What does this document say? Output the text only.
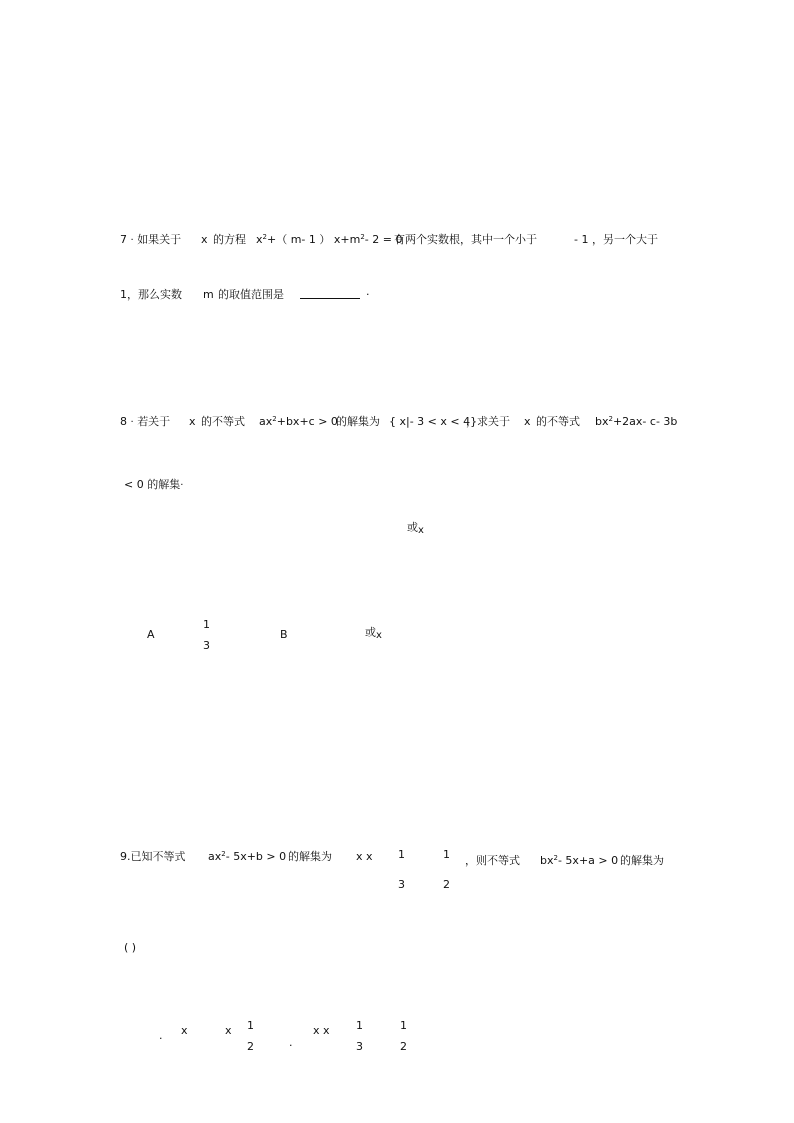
7 · 如果关于 x 的方程 $x^2+$（ m- 1 ） $x+m^2-$ 2 = 0
有两个实数根，其中一个小于	- 1 ，另一个大于
1，那么实数 m 的取值范围是	·
8 · 若关于 x 的不等式 $ax^2+bx+c > 0$
的解集为 { x|- 3 < x < 4}
，求关于 x 的不等式 $bx^2+2ax-$ c- 3b
< 0 的解集·
或x
A
1
3
B	或x
9.已知不等式 $ax^2-$ 5x+b > 0 的解集为 x x 1
3
1
2
，则不等式 $bx^2-$ 5x+a > 0 的解集为
( )
. x	x 1
2	·
x x 1
3
1
2
